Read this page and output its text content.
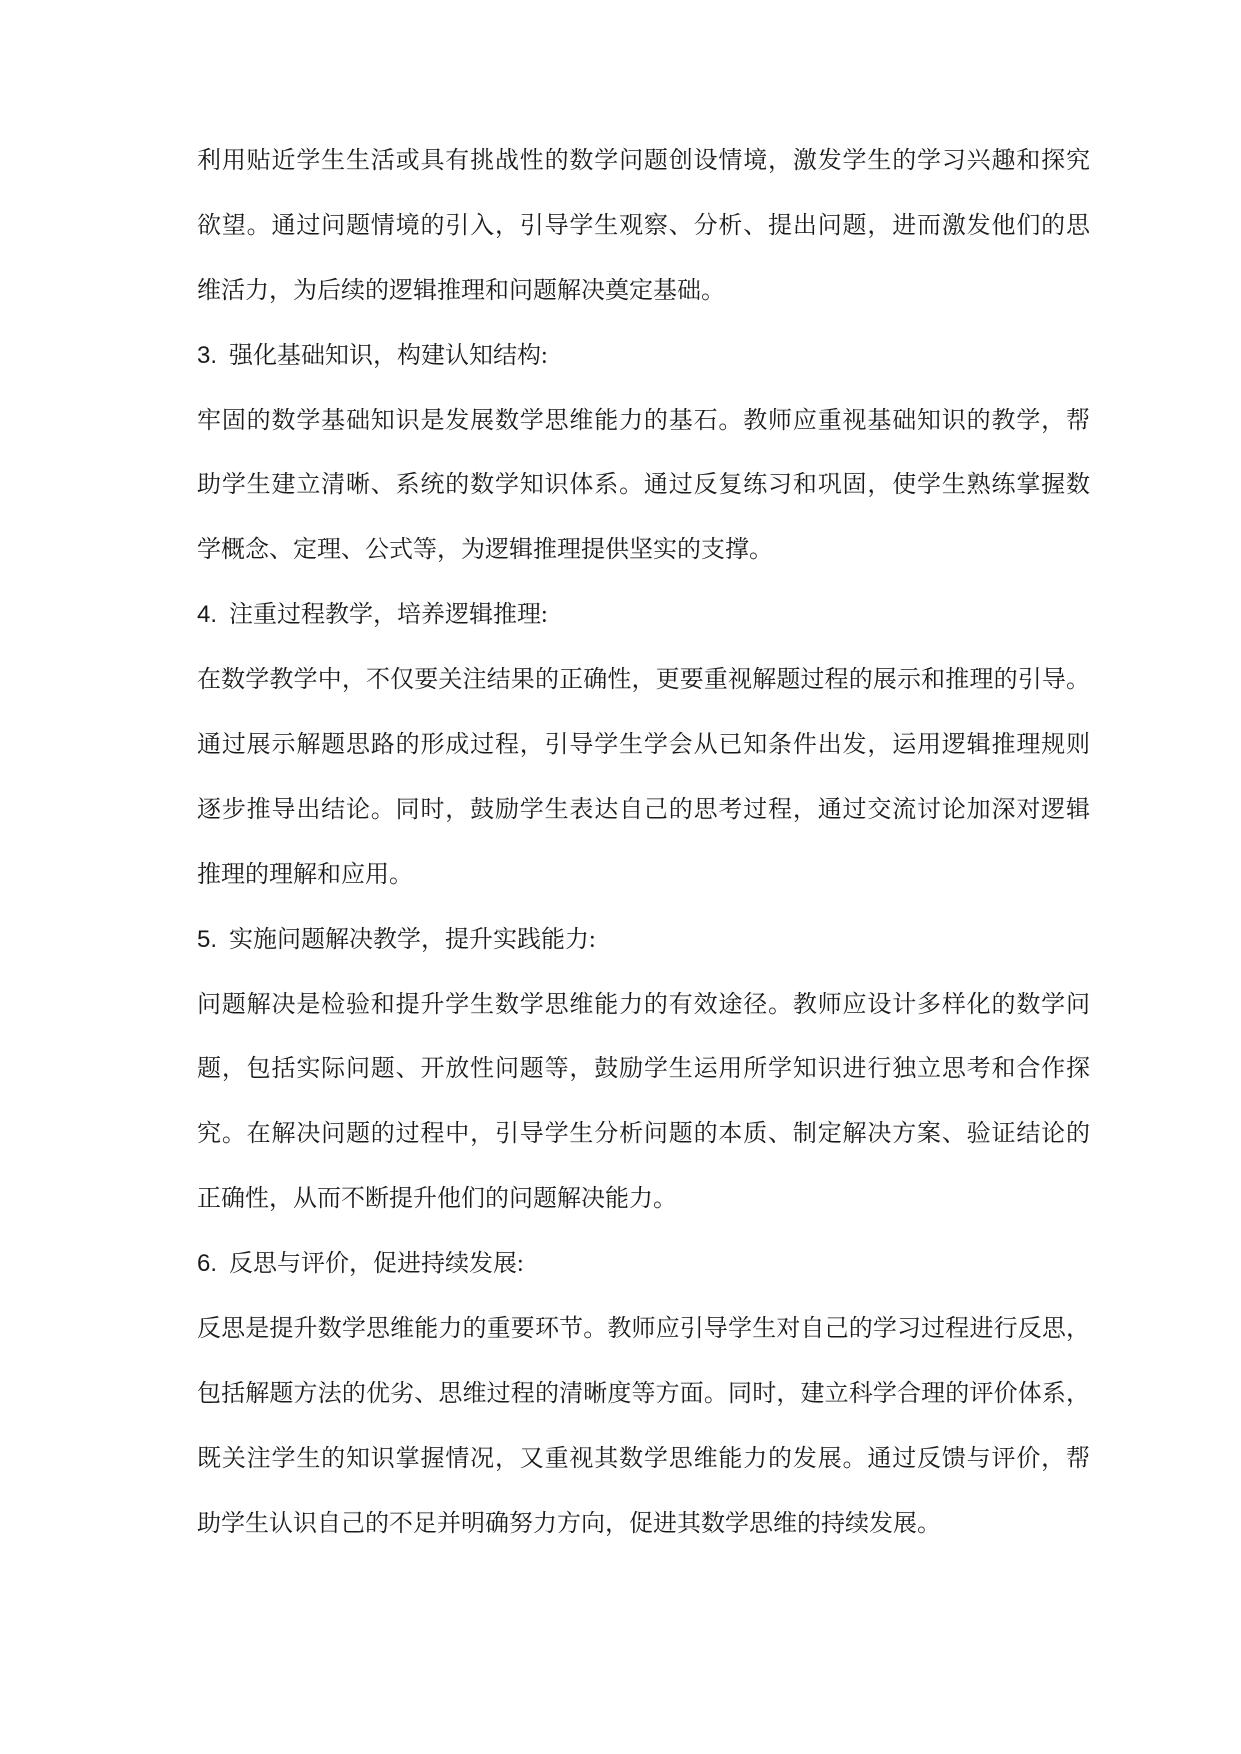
利用贴近学生生活或具有挑战性的数学问题创设情境，激发学生的学习兴趣和探究
欲望。通过问题情境的引入，引导学生观察、分析、提出问题，进而激发他们的思
维活力，为后续的逻辑推理和问题解决奠定基础。
3. 强化基础知识，构建认知结构:
牢固的数学基础知识是发展数学思维能力的基石。教师应重视基础知识的教学，帮
助学生建立清晰、系统的数学知识体系。通过反复练习和巩固，使学生熟练掌握数
学概念、定理、公式等，为逻辑推理提供坚实的支撑。
4. 注重过程教学，培养逻辑推理:
在数学教学中，不仅要关注结果的正确性，更要重视解题过程的展示和推理的引导。
通过展示解题思路的形成过程，引导学生学会从已知条件出发，运用逻辑推理规则
逐步推导出结论。同时，鼓励学生表达自己的思考过程，通过交流讨论加深对逻辑
推理的理解和应用。
5. 实施问题解决教学，提升实践能力:
问题解决是检验和提升学生数学思维能力的有效途径。教师应设计多样化的数学问
题，包括实际问题、开放性问题等，鼓励学生运用所学知识进行独立思考和合作探
究。在解决问题的过程中，引导学生分析问题的本质、制定解决方案、验证结论的
正确性，从而不断提升他们的问题解决能力。
6. 反思与评价，促进持续发展:
反思是提升数学思维能力的重要环节。教师应引导学生对自己的学习过程进行反思，
包括解题方法的优劣、思维过程的清晰度等方面。同时，建立科学合理的评价体系，
既关注学生的知识掌握情况，又重视其数学思维能力的发展。通过反馈与评价，帮
助学生认识自己的不足并明确努力方向，促进其数学思维的持续发展。
